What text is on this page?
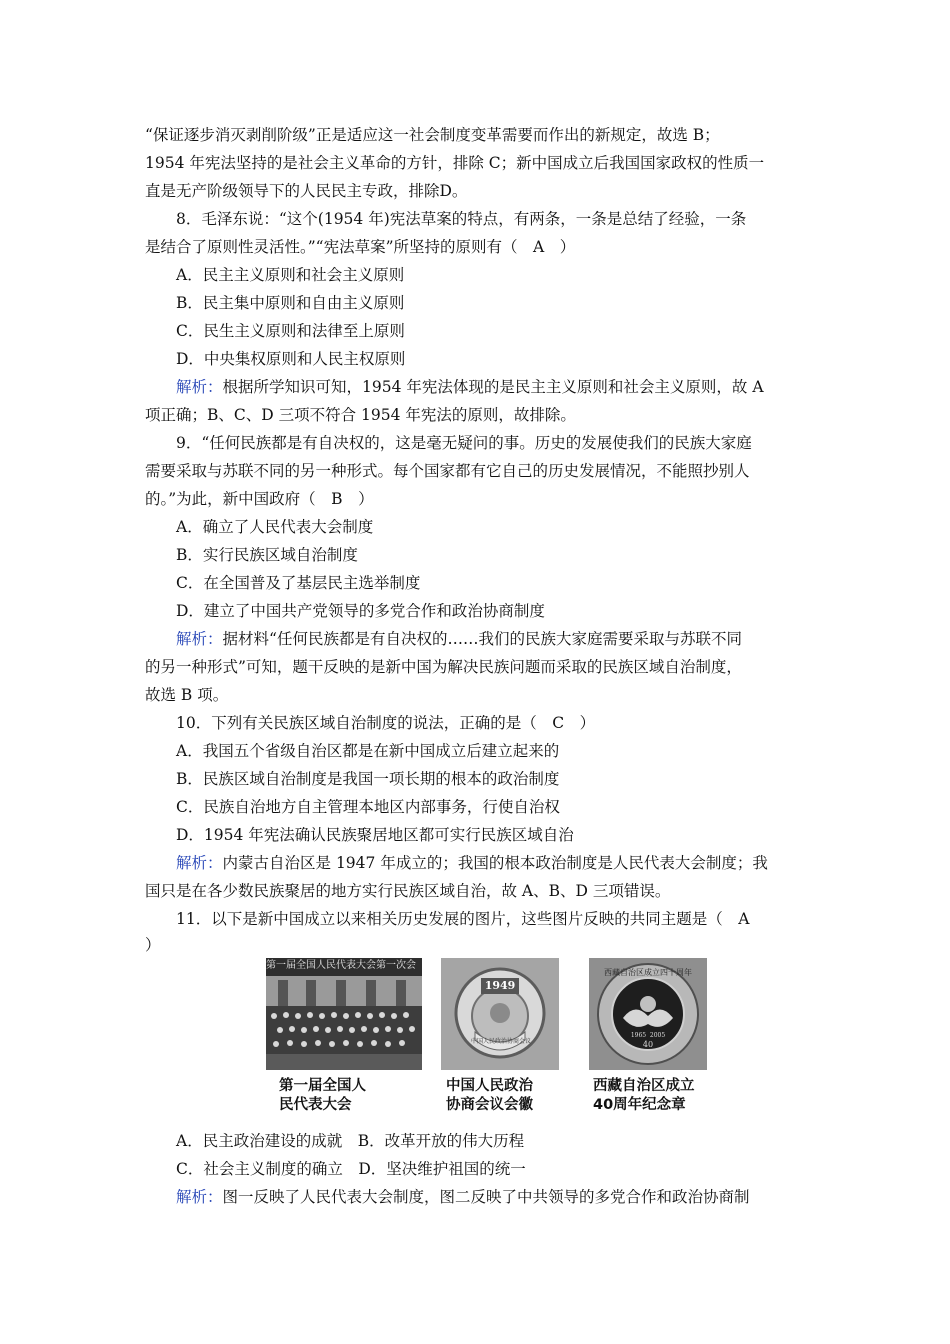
“保证逐步消灭剥削阶级”正是适应这一社会制度变革需要而作出的新规定，故选 B；
1954 年宪法坚持的是社会主义革命的方针，排除 C；新中国成立后我国国家政权的性质一
直是无产阶级领导下的人民民主专政，排除D。
8．毛泽东说：“这个(1954 年)宪法草案的特点，有两条，一条是总结了经验，一条
是结合了原则性灵活性。”“宪法草案”所坚持的原则有（　A　）
A．民主主义原则和社会主义原则
B．民主集中原则和自由主义原则
C．民生主义原则和法律至上原则
D．中央集权原则和人民主权原则
解析：根据所学知识可知，1954 年宪法体现的是民主主义原则和社会主义原则，故 A
项正确；B、C、D 三项不符合 1954 年宪法的原则，故排除。
9．“任何民族都是有自决权的，这是毫无疑问的事。历史的发展使我们的民族大家庭
需要采取与苏联不同的另一种形式。每个国家都有它自己的历史发展情况，不能照抄别人
的。”为此，新中国政府（　B　）
A．确立了人民代表大会制度
B．实行民族区域自治制度
C．在全国普及了基层民主选举制度
D．建立了中国共产党领导的多党合作和政治协商制度
解析：据材料“任何民族都是有自决权的……我们的民族大家庭需要采取与苏联不同
的另一种形式”可知，题干反映的是新中国为解决民族问题而采取的民族区域自治制度，
故选 B 项。
10．下列有关民族区域自治制度的说法，正确的是（　C　）
A．我国五个省级自治区都是在新中国成立后建立起来的
B．民族区域自治制度是我国一项长期的根本的政治制度
C．民族自治地方自主管理本地区内部事务，行使自治权
D．1954 年宪法确认民族聚居地区都可实行民族区域自治
解析：内蒙古自治区是 1947 年成立的；我国的根本政治制度是人民代表大会制度；我
国只是在各少数民族聚居的地方实行民族区域自治，故 A、B、D 三项错误。
11．以下是新中国成立以来相关历史发展的图片，这些图片反映的共同主题是（　A
）
第一届全国人民代表大会第一次会
1949
中国人民政治协商会议
西藏自治区成立四十周年
1965  2005
40
第一届全国人
民代表大会
中国人民政治
协商会议会徽
西藏自治区成立
40周年纪念章
A．民主政治建设的成就　B．改革开放的伟大历程
C．社会主义制度的确立　D．坚决维护祖国的统一
解析：图一反映了人民代表大会制度，图二反映了中共领导的多党合作和政治协商制
